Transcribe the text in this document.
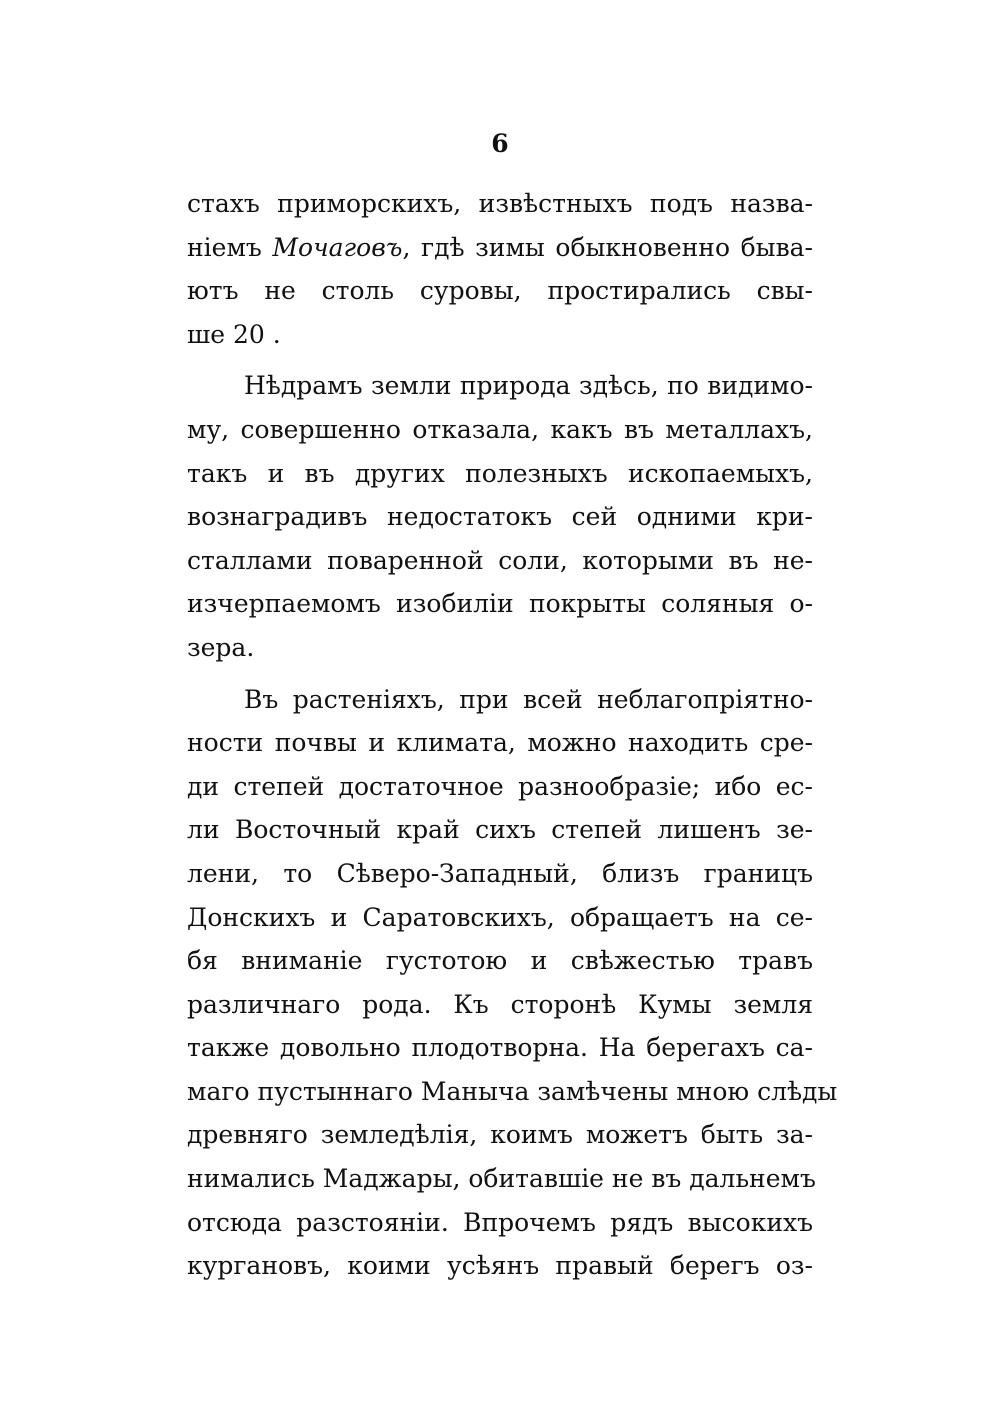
6
стахъ приморскихъ, извѣстныхъ подъ назва-
ніемъ Мочаговъ, гдѣ зимы обыкновенно быва-
ютъ не столь суровы, простирались свы-
ше 20 .
Нѣдрамъ земли природа здѣсь, по видимо-
му, совершенно отказала, какъ въ металлахъ,
такъ и въ других полезныхъ ископаемыхъ,
вознаградивъ недостатокъ сей одними кри-
сталлами поваренной соли, которыми въ не-
изчерпаемомъ изобиліи покрыты соляныя о-
зера.
Въ растеніяхъ, при всей неблагопріятно-
ности почвы и климата, можно находить сре-
ди степей достаточное разнообразіе; ибо ес-
ли Восточный край сихъ степей лишенъ зе-
лени, то Сѣверо-Западный, близъ границъ
Донскихъ и Саратовскихъ, обращаетъ на се-
бя вниманіе густотою и свѣжестью травъ
различнаго рода. Къ сторонѣ Кумы земля
также довольно плодотворна. На берегахъ са-
маго пустыннаго Маныча замѣчены мною слѣды
древняго земледѣлія, коимъ можетъ быть за-
нимались Маджары, обитавшіе не въ дальнемъ
отсюда разстояніи. Впрочемъ рядъ высокихъ
кургановъ, коими усѣянъ правый берегъ оз-
